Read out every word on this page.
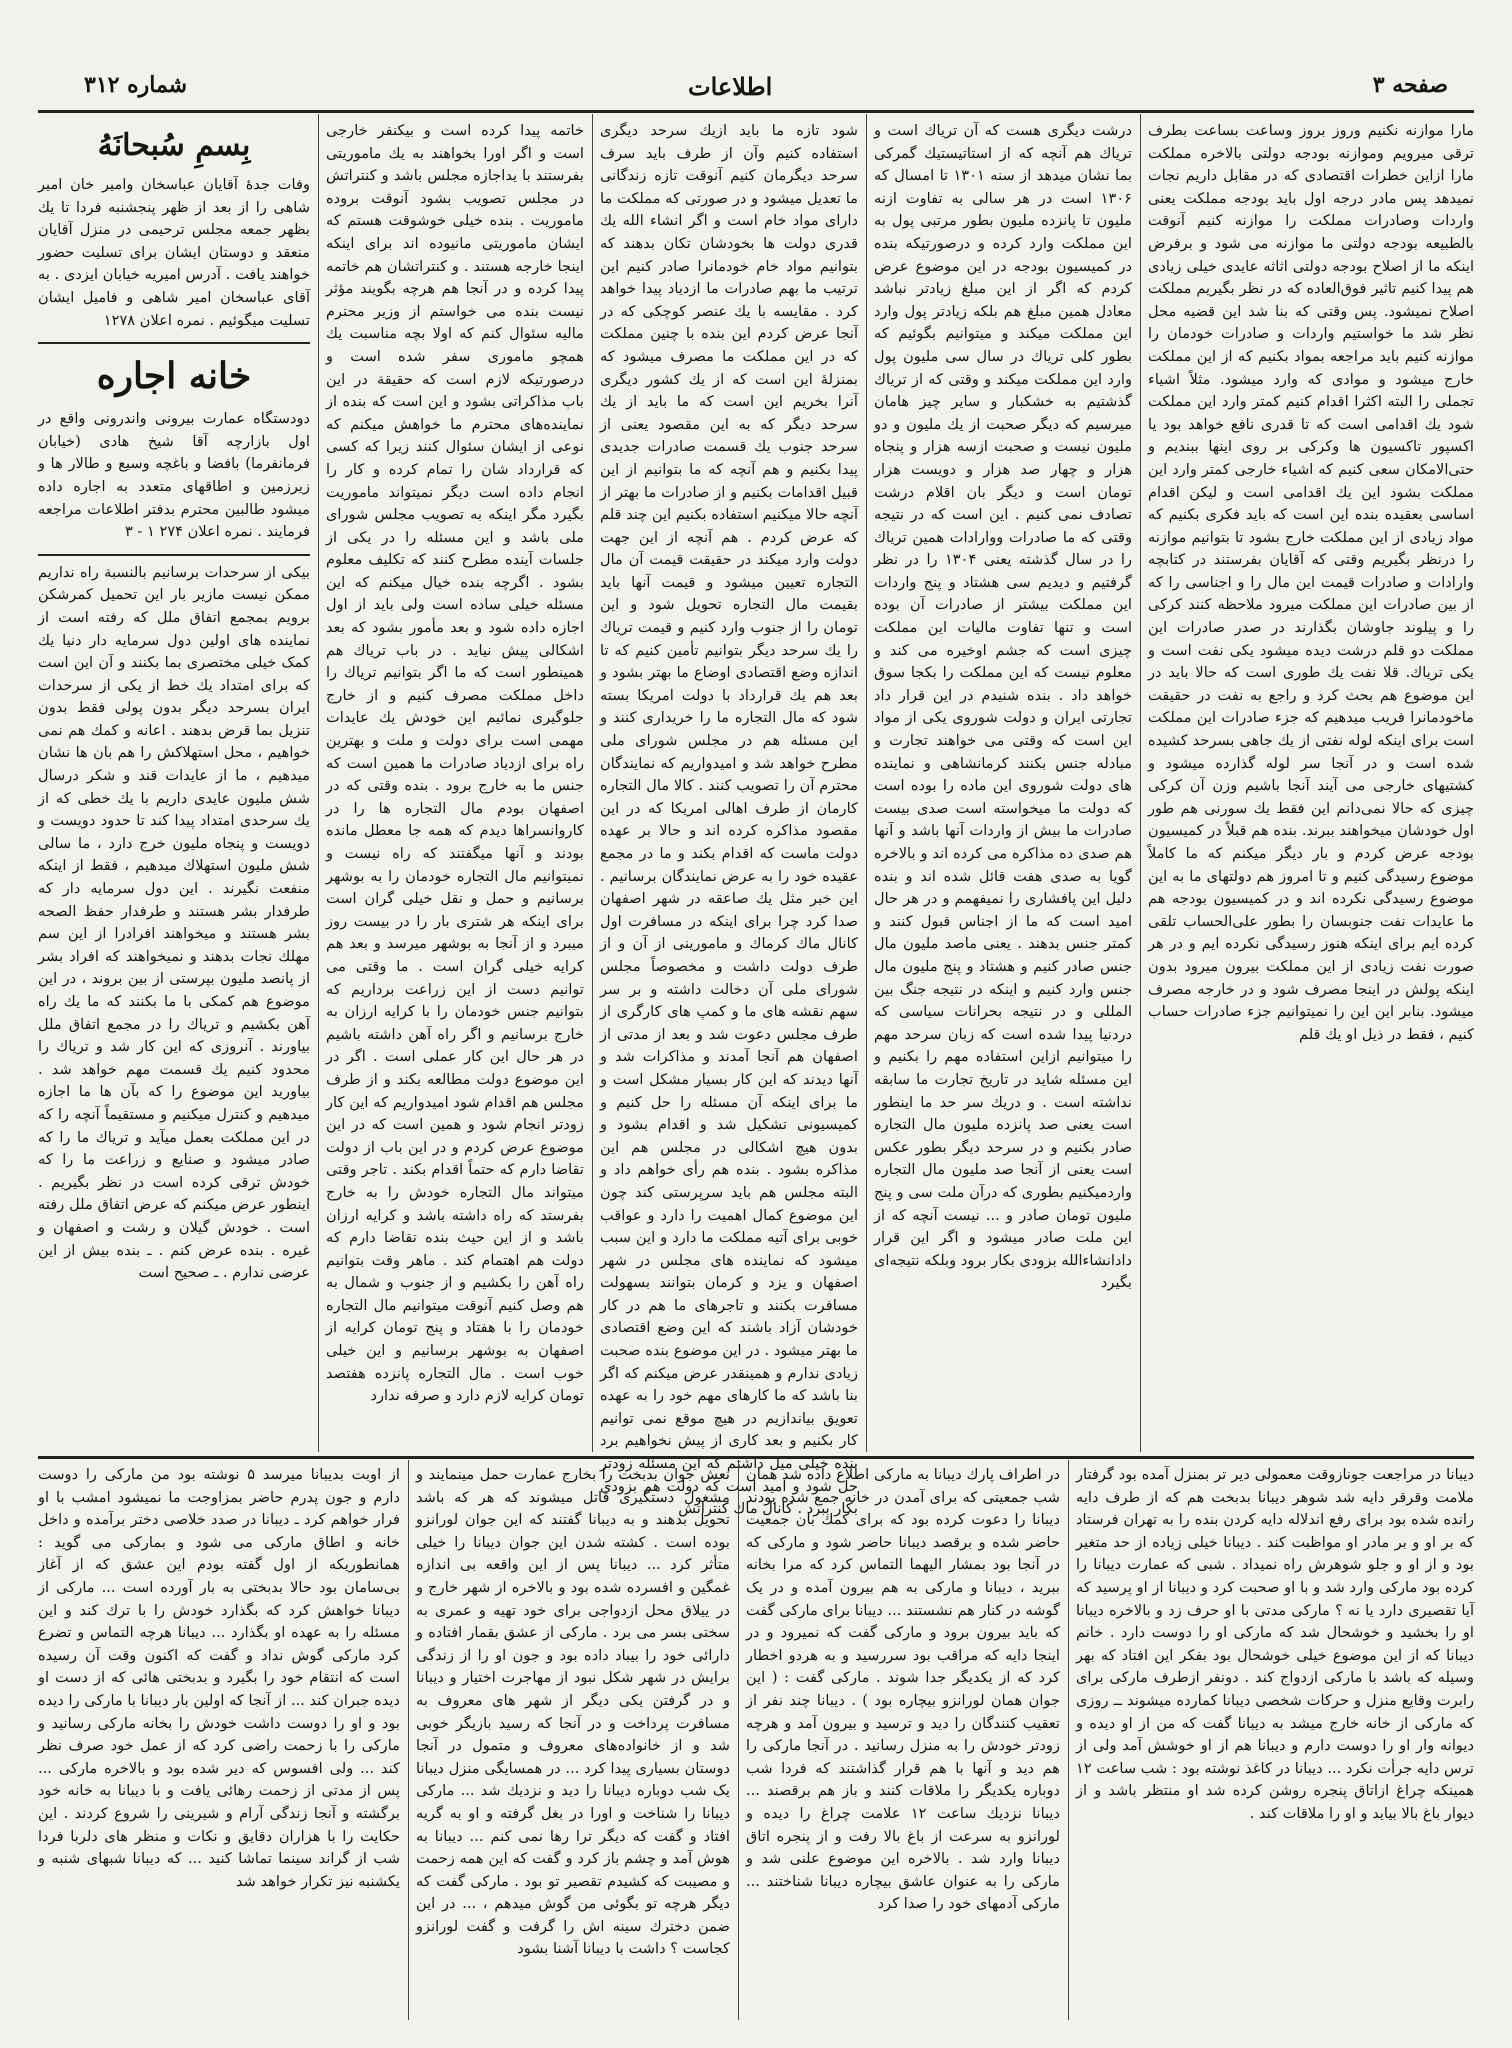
شماره ۳۱۲	اطلاعات	صفحه ۳

مارا موازنه نکنیم وروز بروز وساعت بساعت بطرف ترقی میرویم وموازنه بودجه دولتی بالاخره مملکت مارا ازاین خطرات اقتصادی که در مقابل داریم نجات نمیدهد پس مادر درجه اول باید بودجه مملکت یعنی واردات وصادرات مملکت را موازنه کنیم آنوقت بالطبیعه بودجه دولتی ما موازنه می شود و برفرض اینکه ما از اصلاح بودجه دولتی اثاثه عایدی خیلی زیادی هم پیدا کنیم تاثیر فوق‌العاده که در نظر بگیریم مملکت اصلاح نمیشود. پس وقتی که بنا شد این قضیه محل نظر شد ما خواستیم واردات و صادرات خودمان را موازنه کنیم باید مراجعه بمواد بکنیم که از این مملکت خارج میشود و موادی که وارد میشود. مثلاً اشیاء تجملی را البته اکثرا اقدام کنیم کمتر وارد این مملکت شود یك اقدامی است که تا قدری نافع خواهد بود یا اکسپور تاکسیون ها وکرکی بر روی اینها ببندیم و حتی‌الامکان سعی کنیم که اشیاء خارجی کمتر وارد این مملکت بشود این یك اقدامی است و لیکن اقدام اساسی بعقیده بنده این است که باید فکری بکنیم که مواد زیادی از این مملکت خارج بشود تا بتوانیم موازنه را درنظر بگیریم وقتی که آقایان بفرستند در کتابچه وارادات و صادرات قیمت این مال را و اجناسی را که از بین صادرات این مملکت میرود ملاحظه کنند کرکی را و پیلوند جاوشان بگذارند در صدر صادرات این مملکت دو قلم درشت دیده میشود یکی نفت است و یکی تریاك. قلا نفت یك طوری است که حالا باید در این موضوع هم بحث کرد و راجع به نفت در حقیقت ماخودمانرا فریب میدهیم که جزء صادرات این مملکت است برای اینکه لوله نفتی از یك جاهی بسرحد کشیده شده است و در آنجا سر لوله گذارده میشود و کشتیهای خارجی می آیند آنجا باشیم وزن آن کرکی چیزی که حالا نمی‌دانم این فقط یك سورنی هم طور اول خودشان میخواهند ببرند. بنده هم قبلاً در کمیسیون بودجه عرض کردم و بار دیگر میکنم که ما کاملاً موضوع رسیدگی کنیم و تا امروز هم دولتهای ما به این موضوع رسیدگی نکرده اند و در کمیسیون بودجه هم ما عایدات نفت جنوبسان را بطور علی‌الحساب تلقی کرده ایم برای اینکه هنوز رسیدگی نکرده ایم و در هر صورت نفت زیادی از این مملکت بیرون میرود بدون اینکه پولش در اینجا مصرف شود و در خارجه مصرف میشود. بنابر این این را نمیتوانیم جزء صادرات حساب کنیم ، فقط در ذیل او یك قلم

درشت دیگری هست که آن تریاك است و تریاك هم آنچه که از استاتیستیك گمرکی بما نشان میدهد از سنه ۱۳۰۱ تا امسال که ۱۳۰۶ است در هر سالی به تفاوت ازنه ملیون تا پانزده ملیون بطور مرتبی پول به این مملکت وارد کرده و درصورتیکه بنده در کمیسیون بودجه در این موضوع عرض کردم که اگر از این مبلغ زیادتر نباشد معادل همین مبلغ هم بلکه زیادتر پول وارد این مملکت میکند و میتوانیم بگوئیم که بطور کلی تریاك در سال سی ملیون پول وارد این مملکت میکند و وقتی که از تریاك گذشتیم به خشکبار و سایر چیز هامان میرسیم که دیگر صحبت از یك ملیون و دو ملیون نیست و صحبت ازسه هزار و پنجاه هزار و چهار صد هزار و دویست هزار تومان است و دیگر بان اقلام درشت تصادف نمی کنیم . این است که در نتیجه وقتی که ما صادرات ووارادات همین تریاك را در سال گذشته یعنی ۱۳۰۴ را در نظر گرفتیم و دیدیم سی هشتاد و پنج واردات این مملکت بیشتر از صادرات آن بوده است و تنها تفاوت مالیات این مملکت چیزی است که جشم اوخیره می کند و معلوم نیست که این مملکت را بکجا سوق خواهد داد . بنده شنیدم در این قرار داد تجارتی ایران و دولت شوروی یکی از مواد این است که وقتی می خواهند تجارت و مبادله جنس بکنند کرمانشاهی و نماینده های دولت شوروی این ماده را بوده است که دولت ما میخواسته است صدی بیست صادرات ما بیش از واردات آنها باشد و آنها هم صدی ده مذاکره می کرده اند و بالاخره گویا به صدی هفت قائل شده اند و بنده دلیل این پافشاری را نمیفهمم و در هر حال امید است که ما از اجناس قبول کنند و کمتر جنس بدهند . یعنی ماصد ملیون مال جنس صادر کنیم و هشتاد و پنج ملیون مال جنس وارد کنیم و اینکه در نتیجه جنگ بین المللی و در نتیجه بحرانات سیاسی که دردنیا پیدا شده است که زبان سرحد مهم را میتوانیم ازاین استفاده مهم را بکنیم و این مسئله شاید در تاریخ تجارت ما سابقه نداشته است . و دریك سر حد ما اینطور است یعنی صد پانزده ملیون مال التجاره صادر بکنیم و در سرحد دیگر بطور عکس است یعنی از آنجا صد ملیون مال التجاره واردمیکنیم بطوری که درآن ملت سی و پنج ملیون تومان صادر و ... نیست آنچه که از این ملت صادر میشود و اگر این قرار دادانشاء‌الله بزودی بکار برود وبلکه نتیجه‌ای بگیرد

شود تازه ما باید ازیك سرحد دیگری استفاده کنیم وآن از طرف باید سرف سرحد دیگرمان کنیم آنوقت تازه زندگانی ما تعدیل میشود و در صورتی که مملکت ما دارای مواد خام است و اگر انشاء الله یك قدری دولت ها بخودشان تکان بدهند که بتوانیم مواد خام خودمانرا صادر کنیم این ترتیب ما بهم صادرات ما ازدیاد پیدا خواهد کرد . مقایسه با یك عنصر کوچکی که در آنجا عرض کردم این بنده با چنین مملکت که در این مملکت ما مصرف میشود که بمنزلهٔ این است که از یك کشور دیگری آنرا بخریم این است که ما باید از یك سرحد دیگر که به این مقصود یعنی از سرحد جنوب یك قسمت صادرات جدیدی پیدا بکنیم و هم آنچه که ما بتوانیم از این قبیل اقدامات بکنیم و از صادرات ما بهتر از آنچه حالا میکنیم استفاده بکنیم این چند قلم که عرض کردم . هم آنچه از این جهت دولت وارد میکند در حقیقت قیمت آن مال التجاره تعیین میشود و قیمت آنها باید بقیمت مال التجاره تحویل شود و این تومان را از جنوب وارد کنیم و قیمت تریاك را یك سرحد دیگر بتوانیم تأمین کنیم که تا اندازه وضع اقتصادی اوضاع ما بهتر بشود و بعد هم یك قرارداد با دولت امریکا بسته شود که مال التجاره ما را خریداری کنند و این مسئله هم در مجلس شورای ملی مطرح خواهد شد و امیدواریم که نمایندگان محترم آن را تصویب کنند . کالا مال التجاره کارمان از طرف اهالی امریکا که در این مقصود مذاکره کرده اند و حالا بر عهده دولت ماست که اقدام بکند و ما در مجمع عقیده خود را به عرض نمایندگان برسانیم . این خبر مثل یك صاعقه در شهر اصفهان صدا کرد چرا برای اینکه در مسافرت اول کانال ماك کرماك و مامورینی از آن و از طرف دولت داشت و مخصوصاً مجلس شورای ملی آن دخالت داشته و بر سر سهم نقشه های ما و کمپ های کارگری از طرف مجلس دعوت شد و بعد از مدتی از اصفهان هم آنجا آمدند و مذاکرات شد و آنها دیدند که این کار بسیار مشکل است و ما برای اینکه آن مسئله را حل کنیم و کمیسیونی تشکیل شد و اقدام بشود و بدون هیچ اشکالی در مجلس هم این مذاکره بشود . بنده هم رأی خواهم داد و البته مجلس هم باید سرپرستی کند چون این موضوع کمال اهمیت را دارد و عواقب خوبی برای آتیه مملکت ما دارد و این سبب میشود که نماینده های مجلس در شهر اصفهان و یزد و کرمان بتوانند بسهولت مسافرت بکنند و تاجرهای ما هم در کار خودشان آزاد باشند که این وضع اقتصادی ما بهتر میشود . در این موضوع بنده صحبت زیادی ندارم و همینقدر عرض میکنم که اگر بنا باشد که ما کارهای مهم خود را به عهده تعویق بیاندازیم در هیچ موقع نمی توانیم کار بکنیم و بعد کاری از پیش نخواهیم برد بنده خیلی میل داشتم که این مسئله زودتر حل شود و امید است که دولت هم بزودی بکار ببرد . کانال ماك کنتراتش

خاتمه پیدا کرده است و بیکنفر خارجی است و اگر اورا بخواهند به یك ماموریتی بفرستند با یداجازه مجلس باشد و کنتراتش در مجلس تصویب بشود آنوقت بروده ماموریت . بنده خیلی خوشوقت هستم که ایشان ماموریتی مانیوده اند برای اینکه اینجا خارجه هستند . و کنتراتشان هم خاتمه پیدا کرده و در آنجا هم هرچه بگویند مؤثر نیست بنده می خواستم از وزیر محترم مالیه سئوال کنم که اولا بچه مناسبت یك همچو ماموری سفر شده است و درصورتیکه لازم است که حقیقة در این باب مذاکراتی بشود و این است که بنده از نماینده‌های محترم ما خواهش میکنم که نوعی از ایشان سئوال کنند زیرا که کسی که قرارداد شان را تمام کرده و کار را انجام داده است دیگر نمیتواند ماموریت بگیرد مگر اینکه به تصویب مجلس شورای ملی باشد و این مسئله را در یکی از جلسات آینده مطرح کنند که تکلیف معلوم بشود . اگرچه بنده خیال میکنم که این مسئله خیلی ساده است ولی باید از اول اجازه داده شود و بعد مأمور بشود که بعد اشکالی پیش نیاید . در باب تریاك هم همینطور است که ما اگر بتوانیم تریاك را داخل مملکت مصرف کنیم و از خارج جلوگیری نمائیم این خودش یك عایدات مهمی است برای دولت و ملت و بهترین راه برای ازدیاد صادرات ما همین است که جنس ما به خارج برود . بنده وقتی که در اصفهان بودم مال التجاره ها را در کاروانسراها دیدم که همه جا معطل مانده بودند و آنها میگفتند که راه نیست و نمیتوانیم مال التجاره خودمان را به بوشهر برسانیم و حمل و نقل خیلی گران است برای اینکه هر شتری بار را در بیست روز میبرد و از آنجا به بوشهر میرسد و بعد هم کرایه خیلی گران است . ما وقتی می توانیم دست از این زراعت برداریم که بتوانیم جنس خودمان را با کرایه ارزان به خارج برسانیم و اگر راه آهن داشته باشیم در هر حال این کار عملی است . اگر در این موضوع دولت مطالعه بکند و از طرف مجلس هم اقدام شود امیدواریم که این کار زودتر انجام شود و همین است که در این موضوع عرض کردم و در این باب از دولت تقاضا دارم که حتماً اقدام بکند . تاجر وقتی میتواند مال التجاره خودش را به خارج بفرستد که راه داشته باشد و کرایه ارزان باشد و از این حیث بنده تقاضا دارم که دولت هم اهتمام کند . ماهر وقت بتوانیم راه آهن را بکشیم و از جنوب و شمال به هم وصل کنیم آنوقت میتوانیم مال التجاره خودمان را با هفتاد و پنج تومان کرایه از اصفهان به بوشهر برسانیم و این خیلی خوب است . مال التجاره پانزده هفتصد تومان کرایه لازم دارد و صرفه ندارد

بِسمِ سُبحانَهُ

وفات جدهٔ آقایان عباسخان وامیر خان امیر شاهی را از بعد از ظهر پنجشنبه فردا تا یك بظهر جمعه مجلس ترحیمی در منزل آقایان منعقد و دوستان ایشان برای تسلیت حضور خواهند یافت . آدرس امیریه خیابان ایزدی . به آقای عباسخان امیر شاهی و فامیل ایشان تسلیت میگوئیم . نمره اعلان ۱۲۷۸

خانه اجاره

دودستگاه عمارت بیرونی واندرونی واقع در اول بازارچه آقا شیخ هادی (خیابان فرمانفرما) بافضا و باغچه وسیع و طالار ها و زیرزمین و اطاقهای متعدد به اجاره داده میشود طالبین محترم بدفتر اطلاعات مراجعه فرمایند . نمره اعلان ۲۷۴ ۱ - ۳

بیکی از سرحدات برسانیم بالنسبة راه نداریم ممکن نیست مازیر بار این تحمیل کمرشکن برویم بمجمع اتفاق ملل که رفته است از نماینده های اولین دول سرمایه دار دنیا یك کمک خیلی مختصری بما بکنند و آن این است که برای امتداد یك خط از یکی از سرحدات ایران بسرحد دیگر بدون پولی فقط بدون تنزیل بما قرض بدهند . اعانه و کمك هم نمی خواهیم ، محل استهلاکش را هم بان ها نشان میدهیم ، ما از عایدات قند و شکر درسال شش ملیون عایدی داریم با یك خطی که از یك سرحدی امتداد پیدا کند تا حدود دویست و دویست و پنجاه ملیون خرج دارد ، ما سالی شش ملیون استهلاك میدهیم ، فقط از اینکه منفعت نگیرند . این دول سرمایه دار که طرفدار بشر هستند و طرفدار حفظ الصحه بشر هستند و میخواهند افرادرا از این سم مهلك نجات بدهند و نمیخواهند که افراد بشر از پانصد ملیون بپرستی از بین بروند ، در این موضوع هم کمکی با ما بکنند که ما یك راه آهن بکشیم و تریاك را در مجمع اتفاق ملل بیاورند . آنروزی که این کار شد و تریاك را محدود کنیم یك قسمت مهم خواهد شد . بیاورید این موضوع را که بآن ها ما اجازه میدهیم و کنترل میکنیم و مستقیماً آنچه را که در این مملکت بعمل میآید و تریاك ما را که صادر میشود و صنایع و زراعت ما را که خودش ترقی کرده است در نظر بگیریم . اینطور عرض میکنم که عرض اتفاق ملل رفته است . خودش گیلان و رشت و اصفهان و غیره . بنده عرض کنم . ـ بنده بیش از این عرضی ندارم . ـ صحیح است

دیبانا در مراجعت جونازوقت معمولی دیر تر بمنزل آمده بود گرفتار ملامت وقرقر دایه شد شوهر دیبانا بدبخت هم که از طرف دایه رانده شده بود برای رفع اندلاله دایه کردن بنده را به تهران فرستاد که بر او و بر مادر او مواظبت کند . دیبانا خیلی زیاده از حد متغیر بود و از او و جلو شوهرش راه نمیداد . شبی که عمارت دیبانا را کرده بود مارکی وارد شد و با او صحبت کرد و دیبانا از او پرسید که آیا تقصیری دارد یا نه ؟ مارکی مدتی با او حرف زد و بالاخره دیبانا او را بخشید و خوشحال شد که مارکی او را دوست دارد . خانم دیبانا که از این موضوع خیلی خوشحال بود بفکر این افتاد که بهر وسیله که باشد با مارکی ازدواج کند . دونفر ازطرف مارکی برای رابرت وقایع منزل و حرکات شخصی دیبانا کمارده میشوند ــ روزی که مارکی از خانه خارج میشد به دیبانا گفت که من از او دیده و دیوانه وار او را دوست دارم و دیبانا هم از او خوشش آمد ولی از ترس دایه جرأت نکرد ... دیبانا در کاغذ نوشته بود : شب ساعت ۱۲ همینکه چراغ ازاتاق پنجره روشن کرده شد او منتظر باشد و از دیوار باغ بالا بیاید و او را ملاقات کند .

در اطراف پارك دیبانا به مارکی اطلاع داده شد همان شب جمعیتی که برای آمدن در خانه جمع شده بودند دیبانا را دعوت کرده بود که برای کمك بان جمعیت حاضر شده و برقصد دیبانا حاضر شود و مارکی که در آنجا بود بمشار الیهما التماس کرد که مرا بخانه ببرید ، دیبانا و مارکی به هم بیرون آمده و در یک گوشه در کنار هم نشستند ... دیبانا برای مارکی گفت که باید بیرون برود و مارکی گفت که نمیرود و در اینجا دایه که مراقب بود سررسید و به هردو اخطار کرد که از یکدیگر جدا شوند . مارکی گفت : ( این جوان همان لورانزو بیچاره بود ) . دیبانا چند نفر از تعقیب کنندگان را دید و ترسید و بیرون آمد و هرچه زودتر خودش را به منزل رسانید . در آنجا مارکی را هم دید و آنها با هم قرار گذاشتند که فردا شب دوباره یکدیگر را ملاقات کنند و باز هم برقصند ... دیبانا نزدیك ساعت ۱۲ علامت چراغ را دیده و لورانزو به سرعت از باغ بالا رفت و از پنجره اتاق دیبانا وارد شد . بالاخره این موضوع علنی شد و مارکی را به عنوان عاشق بیچاره دیبانا شناختند ... مارکی آدمهای خود را صدا کرد

نعش جوان بدبخت را بخارج عمارت حمل مینمایند و مشغول دستگیری قاتل میشوند که هر که باشد تحویل بدهند و به دیبانا گفتند که این جوان لورانزو بوده است . کشته شدن این جوان دیبانا را خیلی متأثر کرد ... دیبانا پس از این واقعه بی اندازه غمگین و افسرده شده بود و بالاخره از شهر خارج و در ییلاق محل ازدواجی برای خود تهیه و عمری به سختی بسر می برد . مارکی از عشق بقمار افتاده و دارائی خود را بیباد داده بود و جون او را از زندگی برایش در شهر شکل نبود از مهاجرت اختیار و دیبانا و در گرفتن یکی دیگر از شهر های معروف به مسافرت پرداخت و در آنجا که رسید بازیگر خوبی شد و از خانواده‌های معروف و متمول در آنجا دوستان بسیاری پیدا کرد ... در همسایگی منزل دیبانا یک شب دوباره دیبانا را دید و نزدیك شد ... مارکی دیبانا را شناخت و اورا در بغل گرفته و او به گریه افتاد و گفت که دیگر ترا رها نمی کنم ... دیبانا به هوش آمد و چشم باز کرد و گفت که این همه زحمت و مصیبت که کشیدم تقصیر تو بود . مارکی گفت که دیگر هرچه تو بگوئی من گوش میدهم ، ... در این ضمن دخترك سینه اش را گرفت و گفت لورانزو کجاست ؟ داشت با دیبانا آشنا بشود

از اوبت بدیبانا میرسد ۵ نوشته بود من مارکی را دوست دارم و جون پدرم حاضر بمزاوجت ما نمیشود امشب با او فرار خواهم کرد ـ دیبانا در صدد خلاصی دختر برآمده و داخل خانه و اطاق مارکی می شود و بمارکی می گوید : همانطوریکه از اول گفته بودم این عشق که از آغاز بی‌سامان بود حالا بدبختی به بار آورده است ... مارکی از دیبانا خواهش کرد که بگذارد خودش را با ترك کند و این مسئله را به عهده او بگذارد ... دیبانا هرچه التماس و تضرع کرد مارکی گوش نداد و گفت که اکنون وقت آن رسیده است که انتقام خود را بگیرد و بدبختی هائی که از دست او دیده جبران کند ... از آنجا که اولین بار دیبانا با مارکی را دیده بود و او را دوست داشت خودش را بخانه مارکی رسانید و مارکی را با زحمت راضی کرد که از عمل خود صرف نظر کند ... ولی افسوس که دیر شده بود و بالاخره مارکی ... پس از مدتی از زحمت رهائی یافت و با دیبانا به خانه خود برگشته و آنجا زندگی آرام و شیرینی را شروع کردند . این حکایت را با هزاران دقایق و نکات و منظر های دلربا فردا شب از گراند سینما تماشا کنید ... که دیبانا شبهای شنبه و یکشنبه نیز تکرار خواهد شد
